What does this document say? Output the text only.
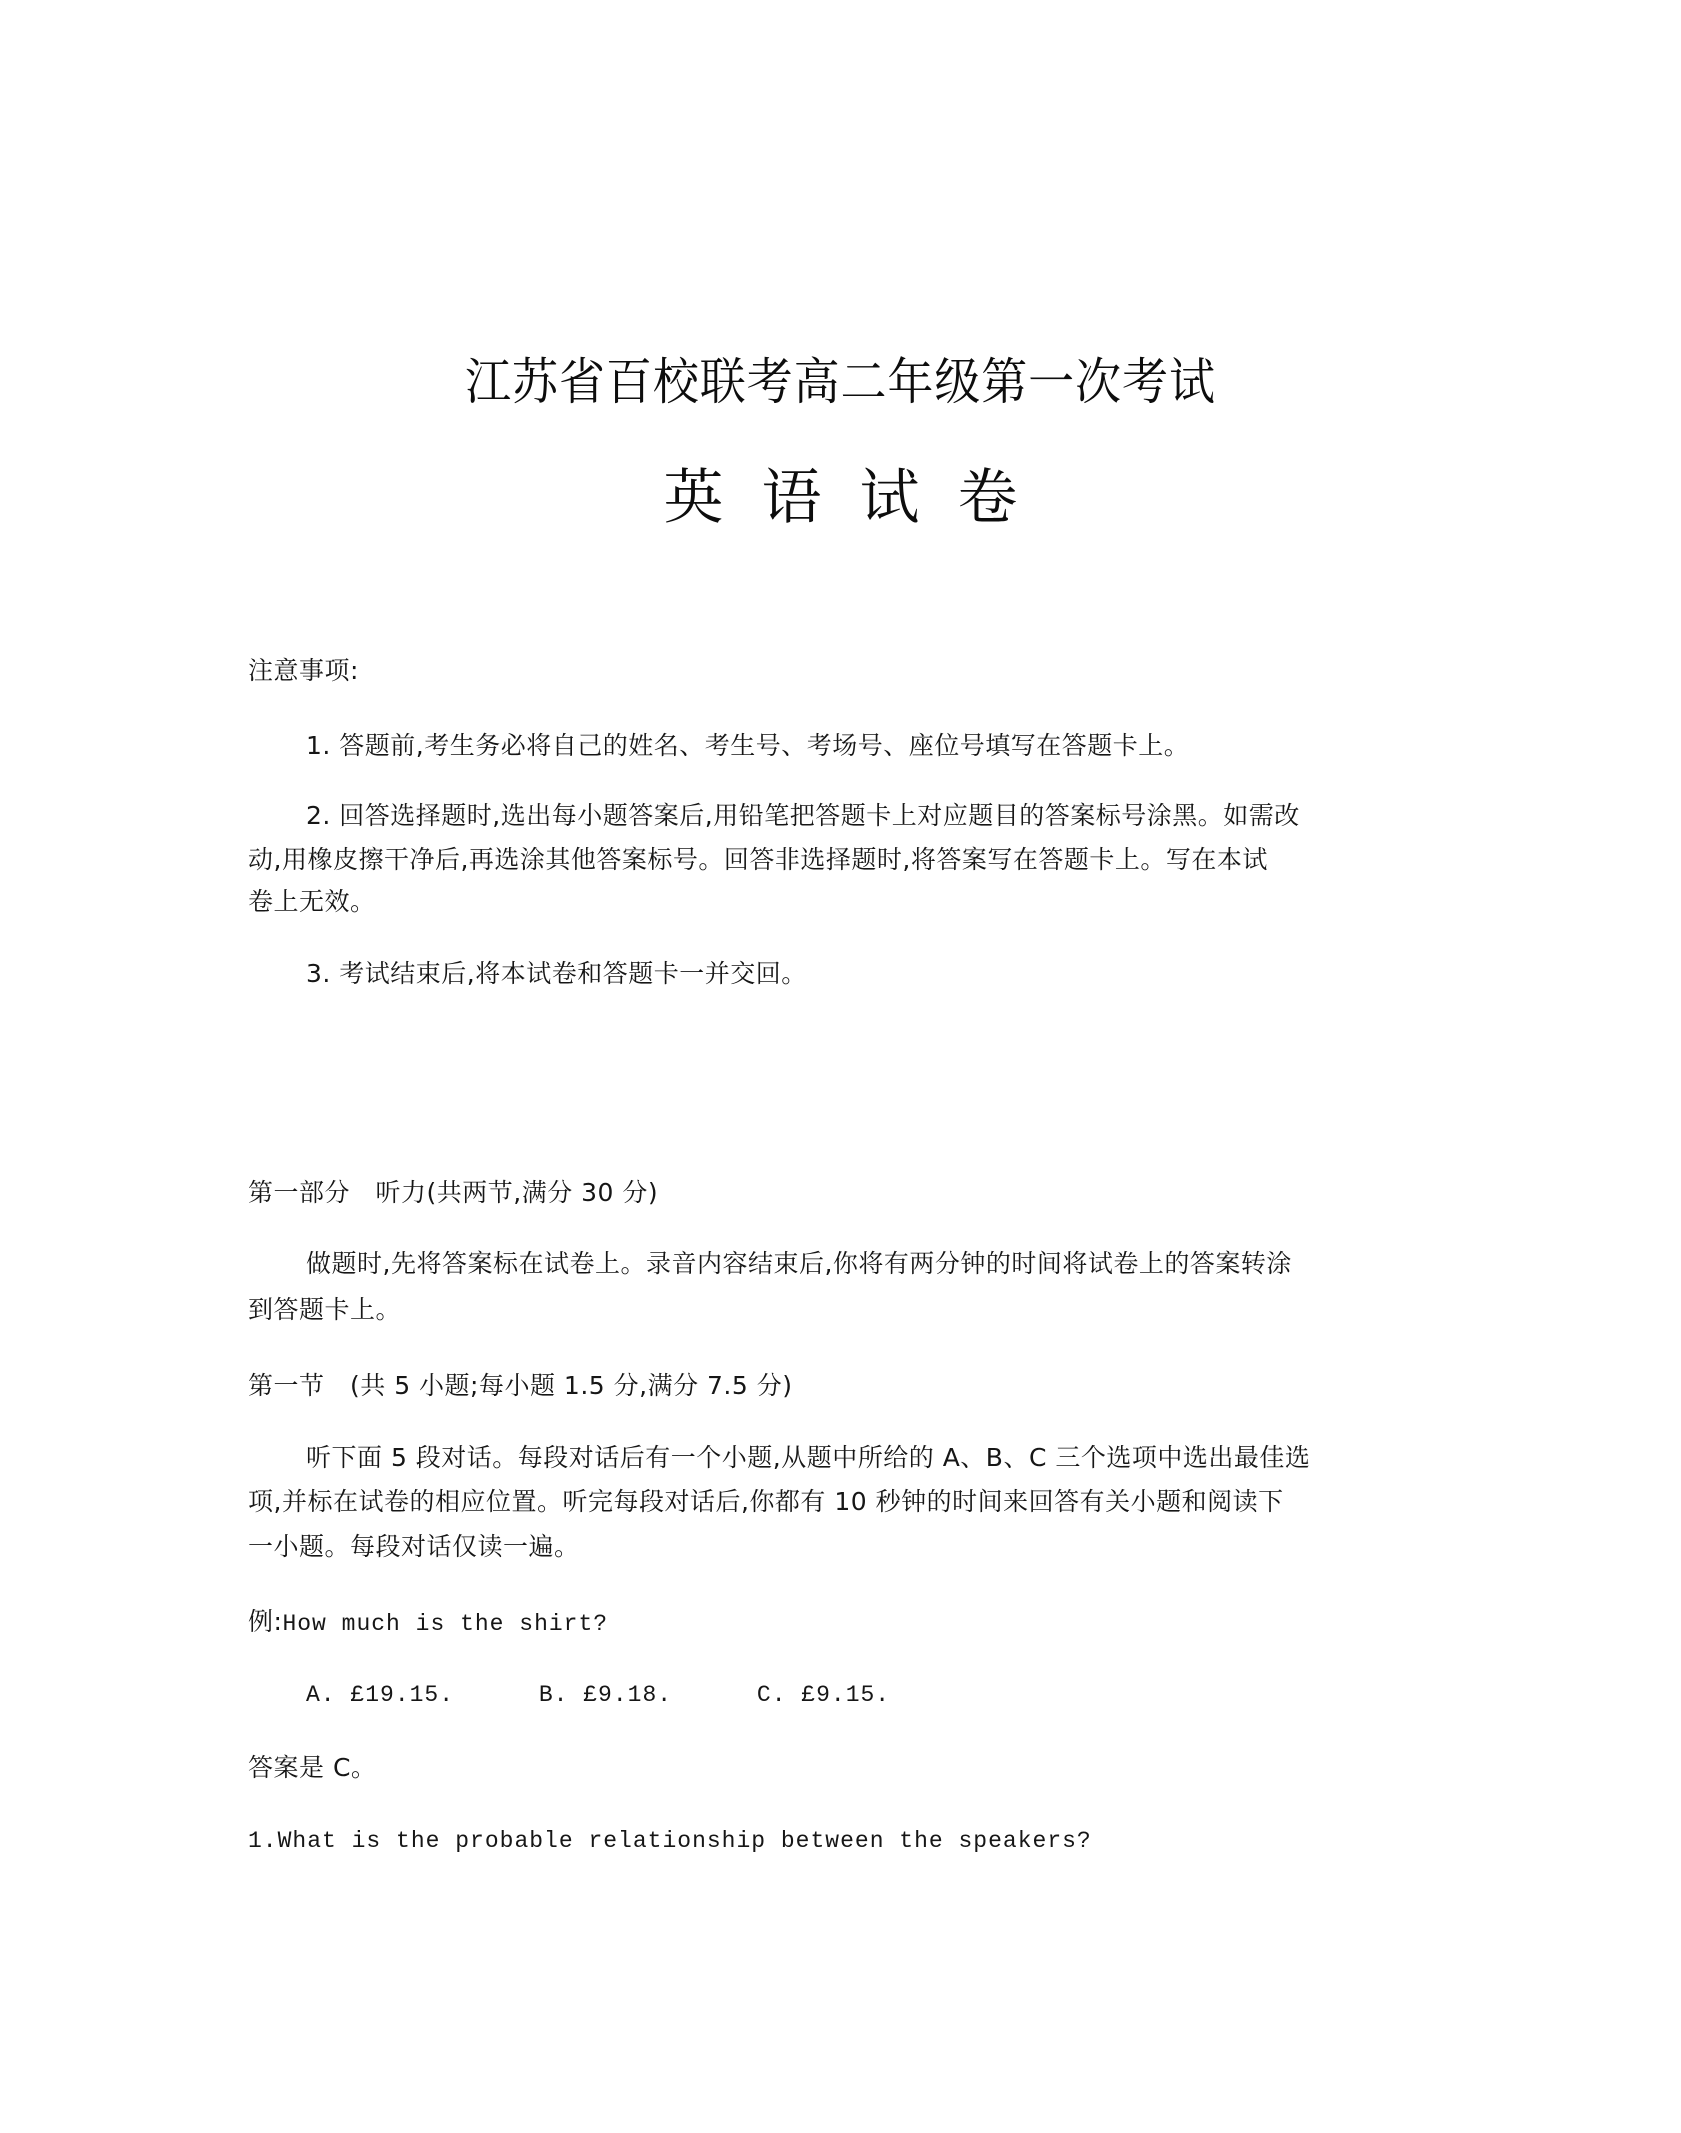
江苏省百校联考高二年级第一次考试
英语试卷
注意事项:
1. 答题前,考生务必将自己的姓名、考生号、考场号、座位号填写在答题卡上。
2. 回答选择题时,选出每小题答案后,用铅笔把答题卡上对应题目的答案标号涂黑。如需改
动,用橡皮擦干净后,再选涂其他答案标号。回答非选择题时,将答案写在答题卡上。写在本试
卷上无效。
3. 考试结束后,将本试卷和答题卡一并交回。
第一部分　听力(共两节,满分 30 分)
做题时,先将答案标在试卷上。录音内容结束后,你将有两分钟的时间将试卷上的答案转涂
到答题卡上。
第一节　(共 5 小题;每小题 1.5 分,满分 7.5 分)
听下面 5 段对话。每段对话后有一个小题,从题中所给的 A、B、C 三个选项中选出最佳选
项,并标在试卷的相应位置。听完每段对话后,你都有 10 秒钟的时间来回答有关小题和阅读下
一小题。每段对话仅读一遍。
例:How much is the shirt?
A. £19.15.	B. £9.18.	C. £9.15.
答案是 C。
1.What is the probable relationship between the speakers?
